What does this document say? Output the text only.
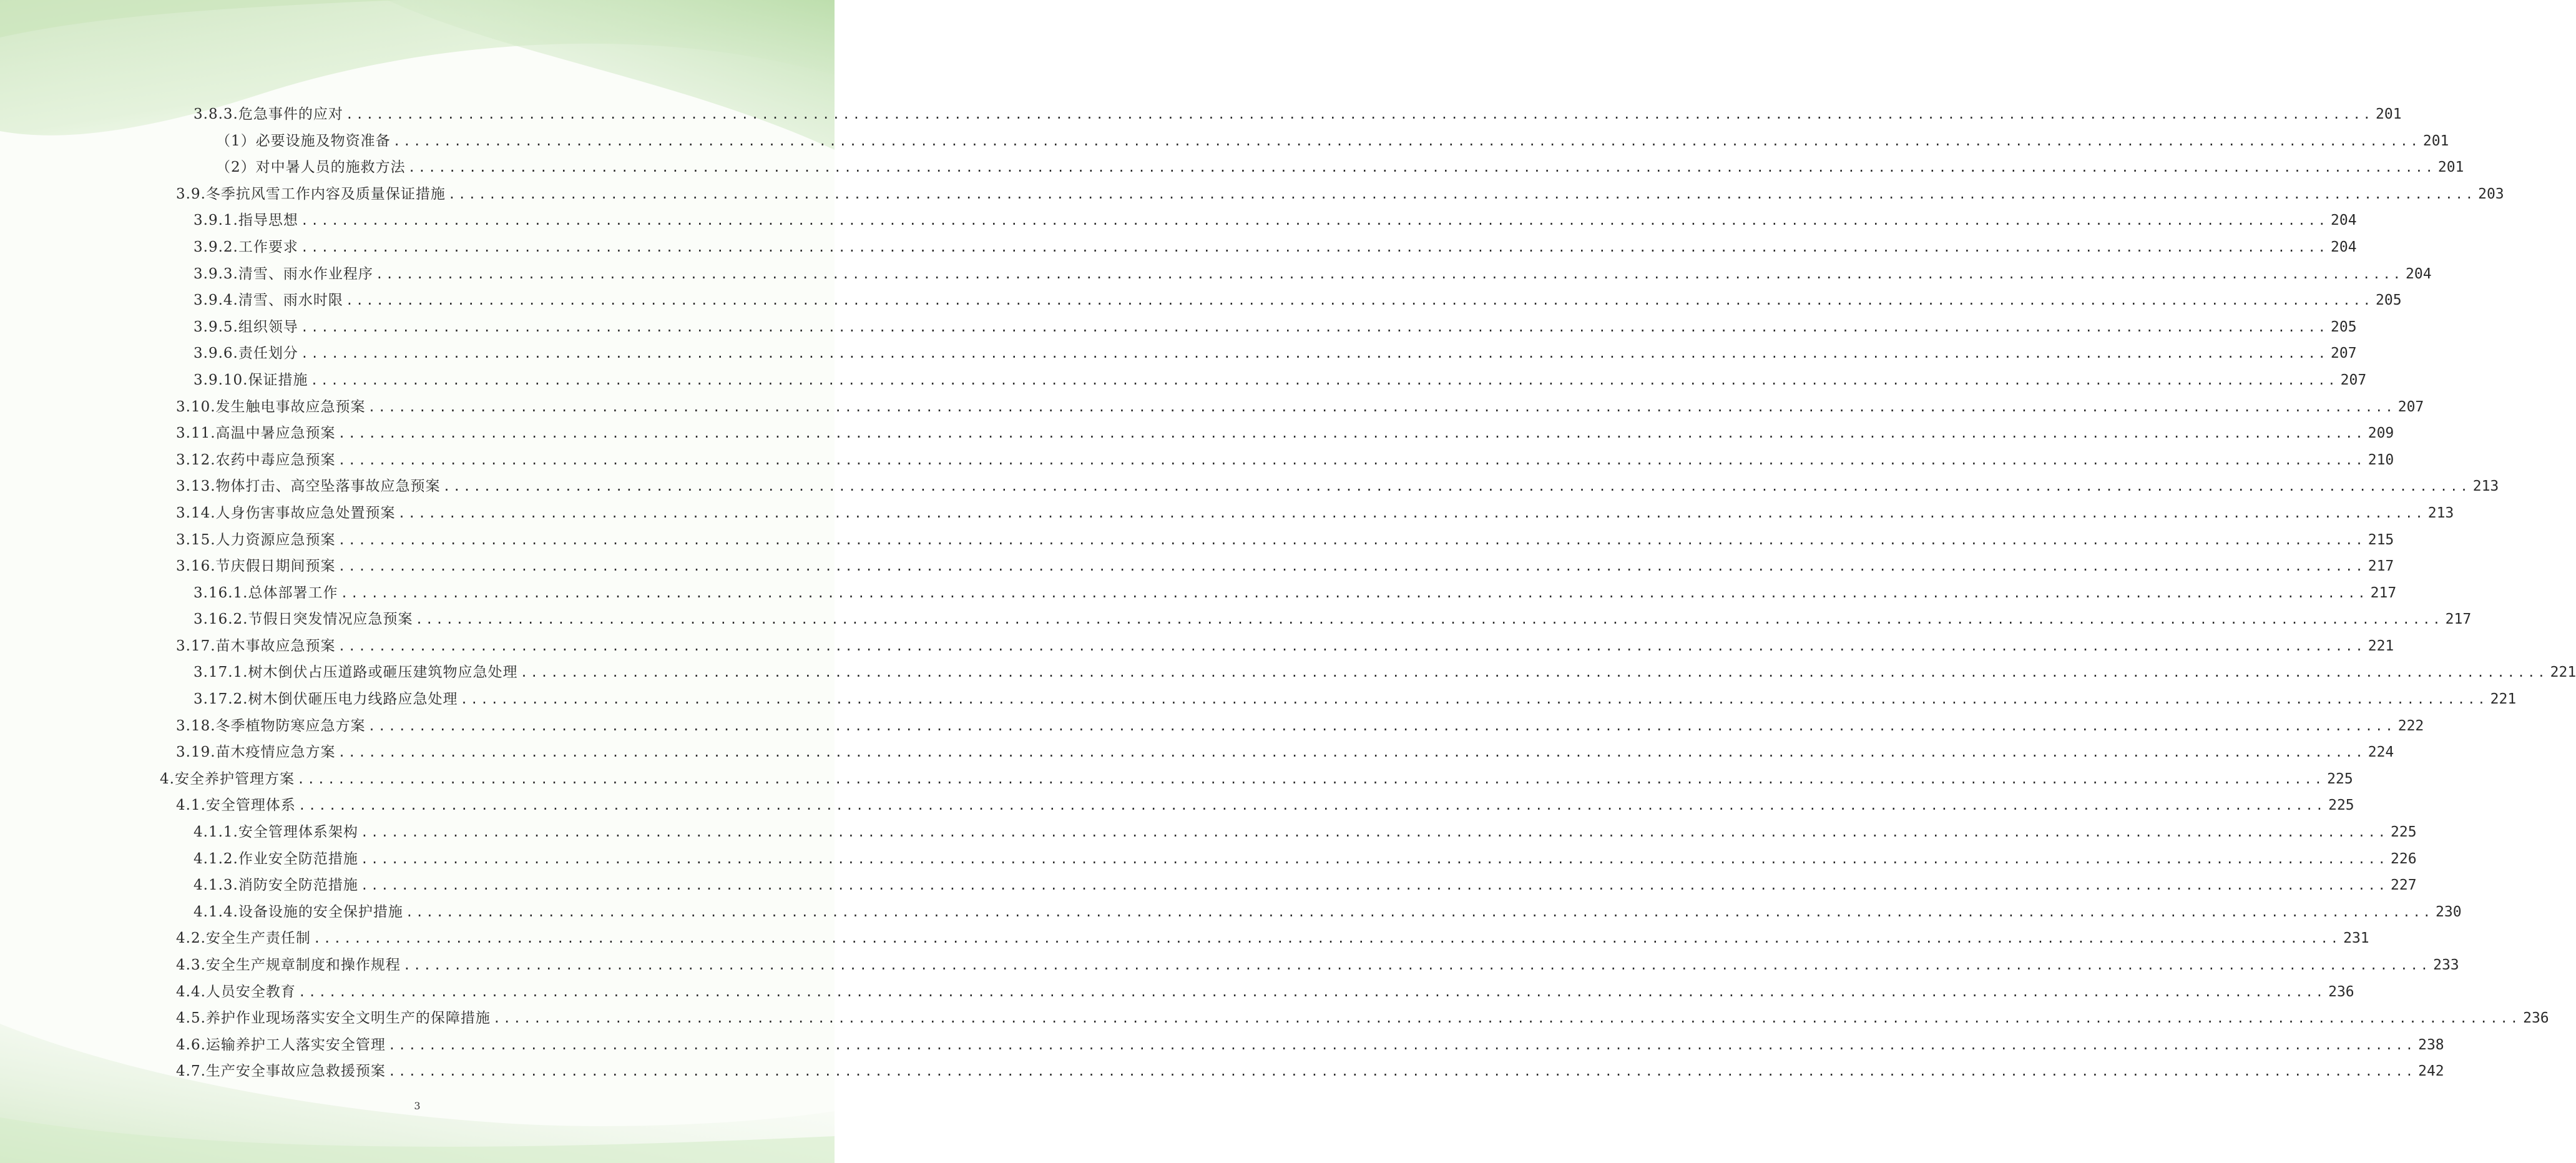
3.8.3.危急事件的应对 ........................................................................................................................................................................................................ 201
（1）必要设施及物资准备 ........................................................................................................................................................................................................ 201
（2）对中暑人员的施救方法 ........................................................................................................................................................................................................ 201
3.9.冬季抗风雪工作内容及质量保证措施 ........................................................................................................................................................................................................ 203
3.9.1.指导思想 ........................................................................................................................................................................................................ 204
3.9.2.工作要求 ........................................................................................................................................................................................................ 204
3.9.3.清雪、雨水作业程序 ........................................................................................................................................................................................................ 204
3.9.4.清雪、雨水时限 ........................................................................................................................................................................................................ 205
3.9.5.组织领导 ........................................................................................................................................................................................................ 205
3.9.6.责任划分 ........................................................................................................................................................................................................ 207
3.9.10.保证措施 ........................................................................................................................................................................................................ 207
3.10.发生触电事故应急预案 ........................................................................................................................................................................................................ 207
3.11.高温中暑应急预案 ........................................................................................................................................................................................................ 209
3.12.农药中毒应急预案 ........................................................................................................................................................................................................ 210
3.13.物体打击、高空坠落事故应急预案 ........................................................................................................................................................................................................ 213
3.14.人身伤害事故应急处置预案 ........................................................................................................................................................................................................ 213
3.15.人力资源应急预案 ........................................................................................................................................................................................................ 215
3.16.节庆假日期间预案 ........................................................................................................................................................................................................ 217
3.16.1.总体部署工作 ........................................................................................................................................................................................................ 217
3.16.2.节假日突发情况应急预案 ........................................................................................................................................................................................................ 217
3.17.苗木事故应急预案 ........................................................................................................................................................................................................ 221
3.17.1.树木倒伏占压道路或砸压建筑物应急处理 ........................................................................................................................................................................................................ 221
3.17.2.树木倒伏砸压电力线路应急处理 ........................................................................................................................................................................................................ 221
3.18.冬季植物防寒应急方案 ........................................................................................................................................................................................................ 222
3.19.苗木疫情应急方案 ........................................................................................................................................................................................................ 224
4.安全养护管理方案 ........................................................................................................................................................................................................ 225
4.1.安全管理体系 ........................................................................................................................................................................................................ 225
4.1.1.安全管理体系架构 ........................................................................................................................................................................................................ 225
4.1.2.作业安全防范措施 ........................................................................................................................................................................................................ 226
4.1.3.消防安全防范措施 ........................................................................................................................................................................................................ 227
4.1.4.设备设施的安全保护措施 ........................................................................................................................................................................................................ 230
4.2.安全生产责任制 ........................................................................................................................................................................................................ 231
4.3.安全生产规章制度和操作规程 ........................................................................................................................................................................................................ 233
4.4.人员安全教育 ........................................................................................................................................................................................................ 236
4.5.养护作业现场落实安全文明生产的保障措施 ........................................................................................................................................................................................................ 236
4.6.运输养护工人落实安全管理 ........................................................................................................................................................................................................ 238
4.7.生产安全事故应急救援预案 ........................................................................................................................................................................................................ 242
3
